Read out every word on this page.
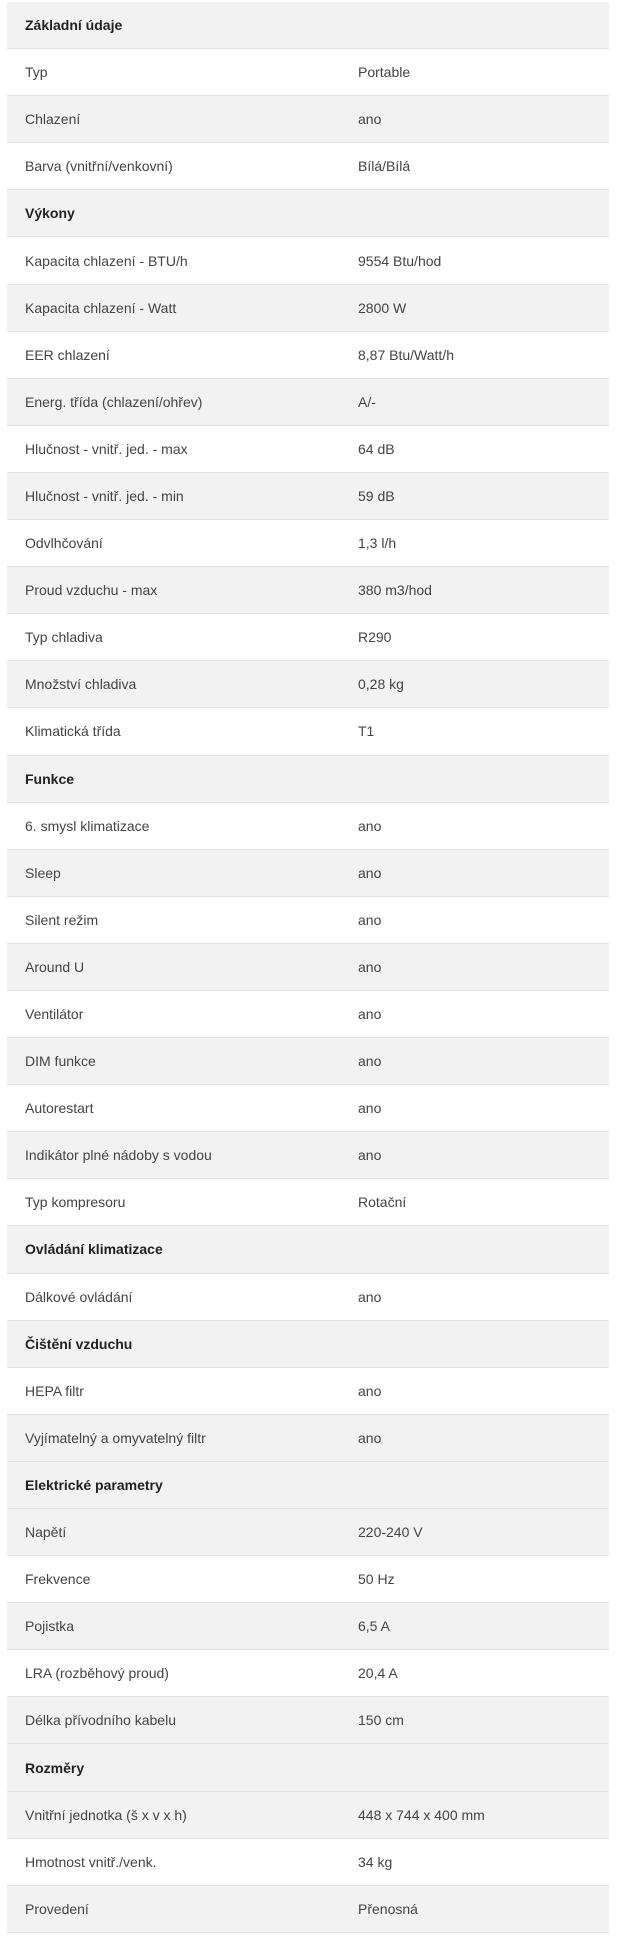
Základní údaje
Typ	Portable
Chlazení	ano
Barva (vnitřní/venkovní)	Bílá/Bílá
Výkony
Kapacita chlazení - BTU/h	9554 Btu/hod
Kapacita chlazení - Watt	2800 W
EER chlazení	8,87 Btu/Watt/h
Energ. třída (chlazení/ohřev)	A/-
Hlučnost - vnitř. jed. - max	64 dB
Hlučnost - vnitř. jed. - min	59 dB
Odvlhčování	1,3 l/h
Proud vzduchu - max	380 m3/hod
Typ chladiva	R290
Množství chladiva	0,28 kg
Klimatická třída	T1
Funkce
6. smysl klimatizace	ano
Sleep	ano
Silent režim	ano
Around U	ano
Ventilátor	ano
DIM funkce	ano
Autorestart	ano
Indikátor plné nádoby s vodou	ano
Typ kompresoru	Rotační
Ovládání klimatizace
Dálkové ovládání	ano
Čištění vzduchu
HEPA filtr	ano
Vyjímatelný a omyvatelný filtr	ano
Elektrické parametry
Napětí	220-240 V
Frekvence	50 Hz
Pojistka	6,5 A
LRA (rozběhový proud)	20,4 A
Délka přívodního kabelu	150 cm
Rozměry
Vnitřní jednotka (š x v x h)	448 x 744 x 400 mm
Hmotnost vnitř./venk.	34 kg
Provedení	Přenosná
